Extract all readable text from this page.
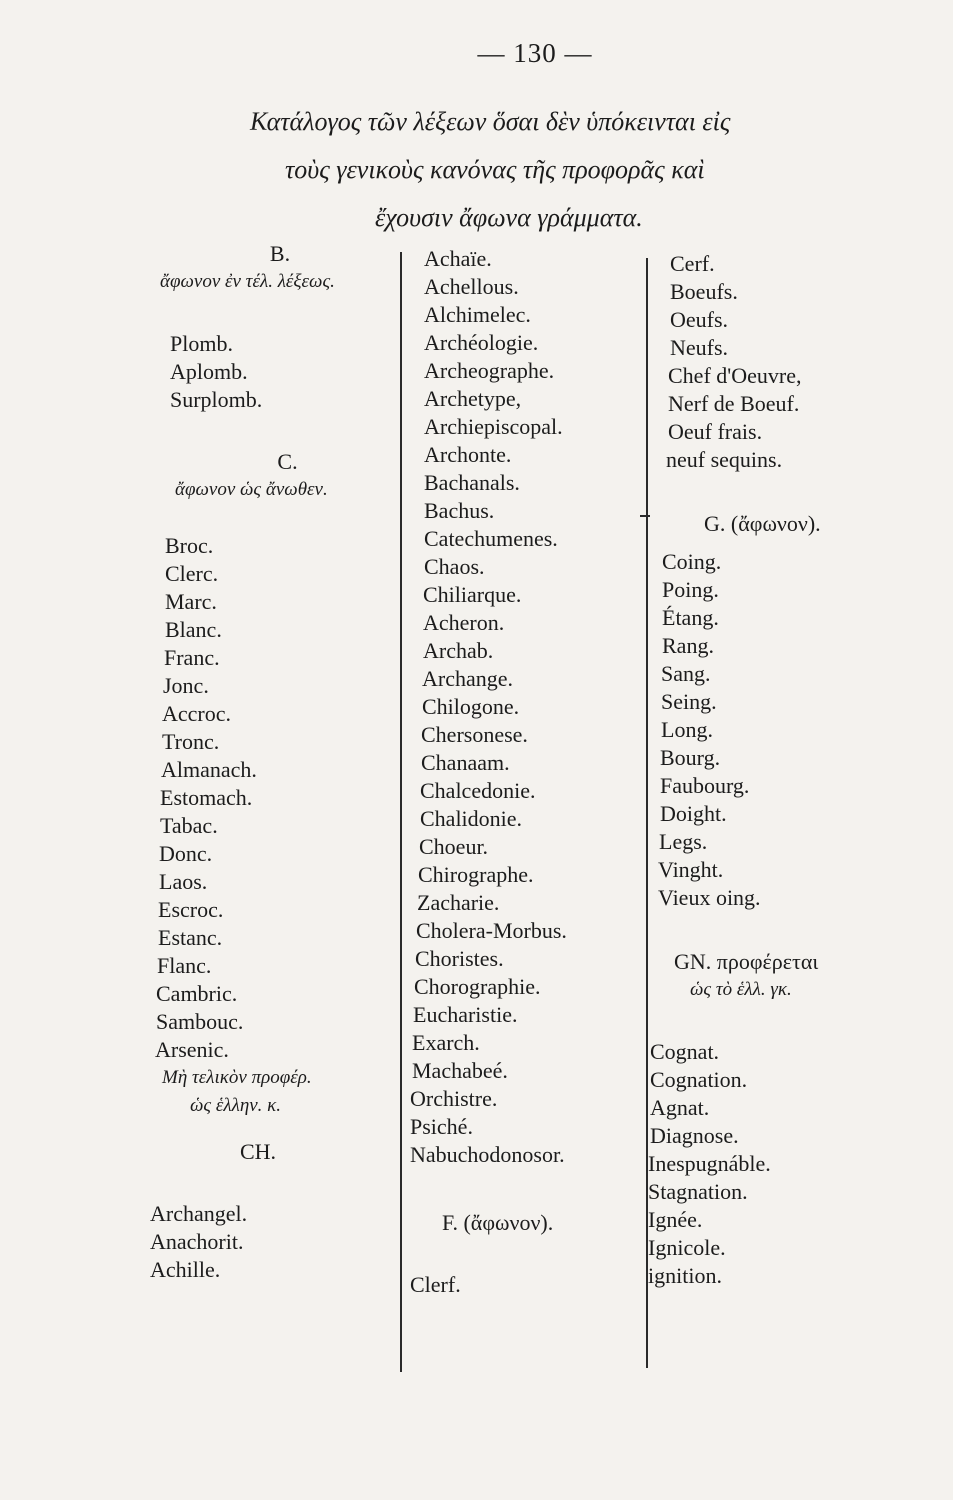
— 130 —
Κατάλογος τῶν λέξεων ὅσαι δὲν ὑπόκεινται εἰς
τοὺς γενικοὺς κανόνας τῆς προφορᾶς καὶ
ἔχουσιν ἄφωνα γράμματα.
B.
ἄφωνον ἐν τέλ. λέξεως.
Plomb.
Aplomb.
Surplomb.
C.
ἄφωνον ὡς ἄνωθεν.
Broc.
Clerc.
Marc.
Blanc.
Franc.
Jonc.
Accroc.
Tronc.
Almanach.
Estomach.
Tabac.
Donc.
Laos.
Escroc.
Estanc.
Flanc.
Cambric.
Sambouc.
Arsenic.
Μὴ τελικὸν προφέρ.
ὡς ἑλλην. κ.
CH.
Archangel.
Anachorit.
Achille.
Achaïe.
Achellous.
Alchimelec.
Archéologie.
Archeographe.
Archetype,
Archiepiscopal.
Archonte.
Bachanals.
Bachus.
Catechumenes.
Chaos.
Chiliarque.
Acheron.
Archab.
Archange.
Chilogone.
Chersonese.
Chanaam.
Chalcedonie.
Chalidonie.
Choeur.
Chirographe.
Zacharie.
Cholera-Morbus.
Choristes.
Chorographie.
Eucharistie.
Exarch.
Machabeé.
Orchistre.
Psiché.
Nabuchodonosor.
F. (ἄφωνον).
Clerf.
Cerf.
Boeufs.
Oeufs.
Neufs.
Chef d'Oeuvre,
Nerf de Boeuf.
Oeuf frais.
neuf sequins.
G. (ἄφωνον).
Coing.
Poing.
Étang.
Rang.
Sang.
Seing.
Long.
Bourg.
Faubourg.
Doight.
Legs.
Vinght.
Vieux oing.
GN. προφέρεται
ὡς τὸ ἑλλ. γκ.
Cognat.
Cognation.
Agnat.
Diagnose.
Inespugnáble.
Stagnation.
Ignée.
Ignicole.
ignition.
